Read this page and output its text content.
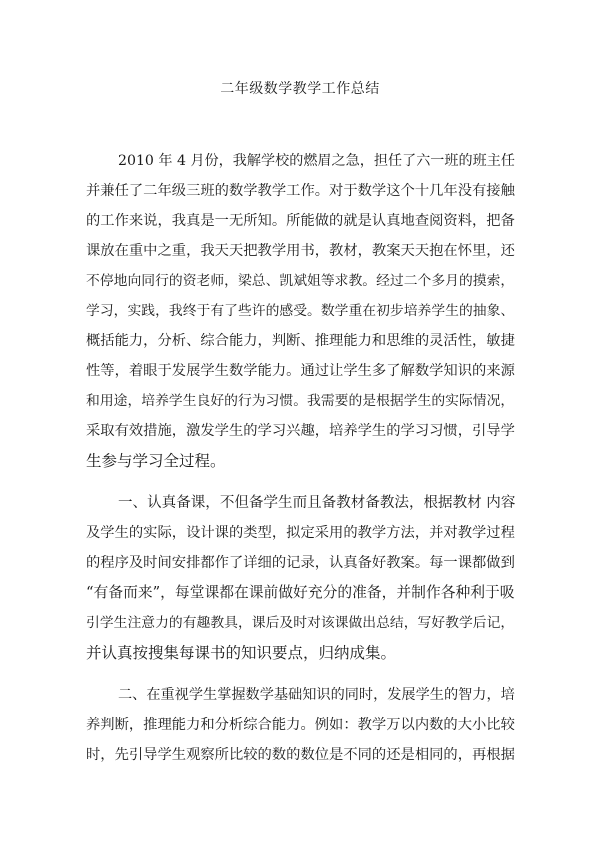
二年级数学教学工作总结
2010 年 4 月份，我解学校的燃眉之急，担任了六一班的班主任
并兼任了二年级三班的数学教学工作。对于数学这个十几年没有接触
的工作来说，我真是一无所知。所能做的就是认真地查阅资料，把备
课放在重中之重，我天天把教学用书，教材，教案天天抱在怀里，还
不停地向同行的资老师，梁总、凯斌姐等求教。经过二个多月的摸索，
学习，实践，我终于有了些许的感受。数学重在初步培养学生的抽象、
概括能力，分析、综合能力，判断、推理能力和思维的灵活性，敏捷
性等，着眼于发展学生数学能力。通过让学生多了解数学知识的来源
和用途，培养学生良好的行为习惯。我需要的是根据学生的实际情况，
采取有效措施，激发学生的学习兴趣，培养学生的学习习惯，引导学
生参与学习全过程。
一、认真备课，不但备学生而且备教材备教法，根据教材 内容
及学生的实际，设计课的类型，拟定采用的教学方法，并对教学过程
的程序及时间安排都作了详细的记录，认真备好教案。每一课都做到
“有备而来”，每堂课都在课前做好充分的准备，并制作各种利于吸
引学生注意力的有趣教具，课后及时对该课做出总结，写好教学后记，
并认真按搜集每课书的知识要点，归纳成集。
二、在重视学生掌握数学基础知识的同时，发展学生的智力，培
养判断，推理能力和分析综合能力。例如：教学万以内数的大小比较
时，先引导学生观察所比较的数的数位是不同的还是相同的，再根据
